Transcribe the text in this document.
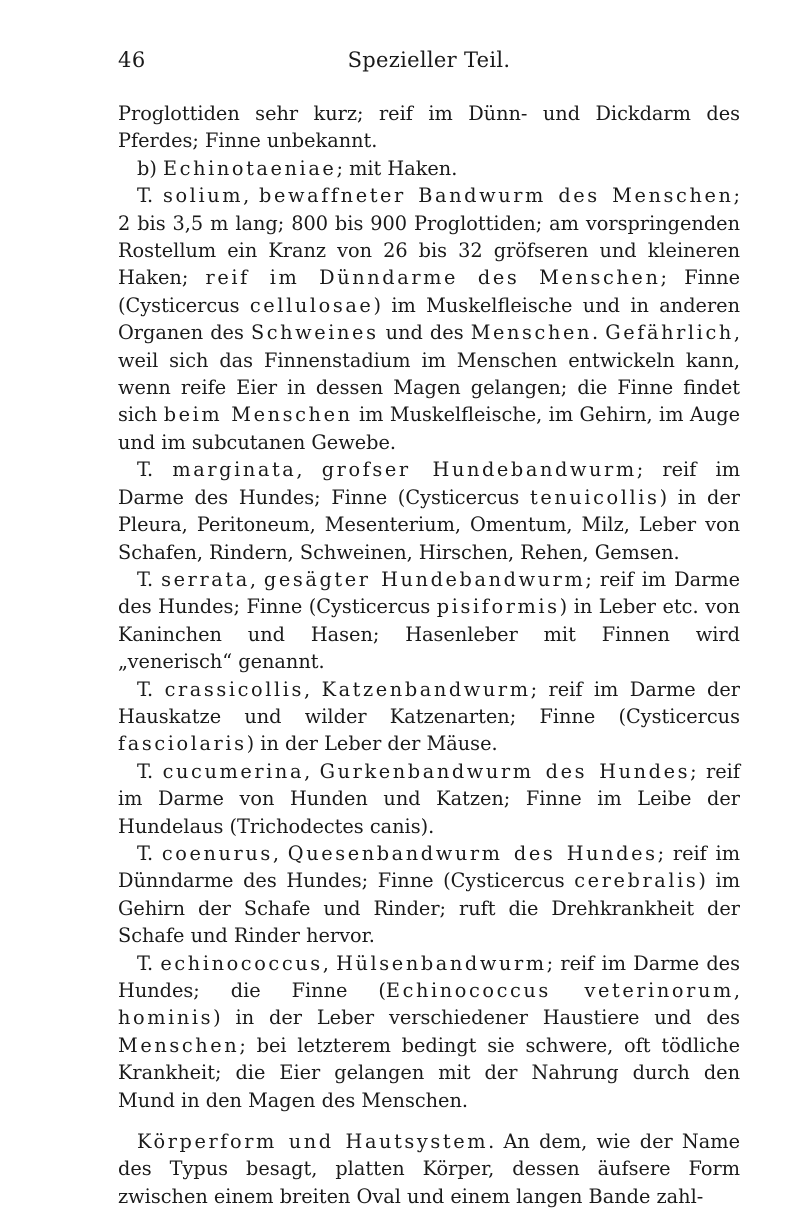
46	Spezieller Teil.

Proglottiden sehr kurz; reif im Dünn- und Dickdarm des Pferdes; Finne unbekannt.

b) Echinotaeniae; mit Haken.

T. solium, bewaffneter Bandwurm des Menschen; 2 bis 3,5 m lang; 800 bis 900 Proglottiden; am vorspringenden Rostellum ein Kranz von 26 bis 32 gröfseren und kleineren Haken; reif im Dünndarme des Menschen; Finne (Cysticercus cellulosae) im Muskelfleische und in anderen Organen des Schweines und des Menschen. Gefährlich, weil sich das Finnenstadium im Menschen entwickeln kann, wenn reife Eier in dessen Magen gelangen; die Finne findet sich beim Menschen im Muskelfleische, im Gehirn, im Auge und im subcutanen Gewebe.

T. marginata, grofser Hundebandwurm; reif im Darme des Hundes; Finne (Cysticercus tenuicollis) in der Pleura, Peritoneum, Mesenterium, Omentum, Milz, Leber von Schafen, Rindern, Schweinen, Hirschen, Rehen, Gemsen.

T. serrata, gesägter Hundebandwurm; reif im Darme des Hundes; Finne (Cysticercus pisiformis) in Leber etc. von Kaninchen und Hasen; Hasenleber mit Finnen wird „venerisch“ genannt.

T. crassicollis, Katzenbandwurm; reif im Darme der Hauskatze und wilder Katzenarten; Finne (Cysticercus fasciolaris) in der Leber der Mäuse.

T. cucumerina, Gurkenbandwurm des Hundes; reif im Darme von Hunden und Katzen; Finne im Leibe der Hundelaus (Trichodectes canis).

T. coenurus, Quesenbandwurm des Hundes; reif im Dünndarme des Hundes; Finne (Cysticercus cerebralis) im Gehirn der Schafe und Rinder; ruft die Drehkrankheit der Schafe und Rinder hervor.

T. echinococcus, Hülsenbandwurm; reif im Darme des Hundes; die Finne (Echinococcus veterinorum, hominis) in der Leber verschiedener Haustiere und des Menschen; bei letzterem bedingt sie schwere, oft tödliche Krankheit; die Eier gelangen mit der Nahrung durch den Mund in den Magen des Menschen.

Körperform und Hautsystem. An dem, wie der Name des Typus besagt, platten Körper, dessen äufsere Form zwischen einem breiten Oval und einem langen Bande zahl-
